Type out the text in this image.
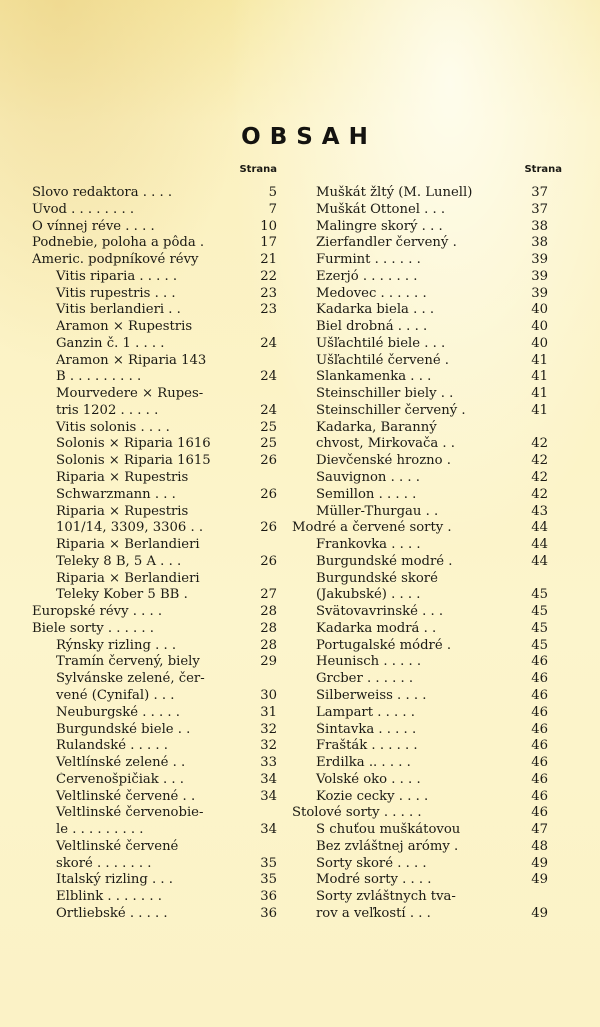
OBSAH
Strana
Slovo redaktora . . . .	5
Úvod . . . . . . . .	7
O vínnej réve . . . .	10
Podnebie, poloha a pôda .	17
Americ. podpníkové révy	21
Vitis riparia . . . . .	22
Vitis rupestris . . .	23
Vitis berlandieri . .	23
Aramon × Rupestris
Ganzin č. 1 . . . .	24
Aramon × Riparia 143
B . . . . . . . . .	24
Mourvedere × Rupes-
tris 1202 . . . . .	24
Vitis solonis . . . .	25
Solonis × Riparia 1616	25
Solonis × Riparia 1615	26
Riparia × Rupestris
Schwarzmann . . .	26
Riparia × Rupestris
101/14, 3309, 3306 . .	26
Riparia × Berlandieri
Teleky 8 B, 5 A . . .	26
Riparia × Berlandieri
Teleky Kober 5 BB .	27
Europské révy . . . .	28
Biele sorty . . . . . .	28
Rýnsky rizling . . .	28
Tramín červený, biely	29
Sylvánske zelené, čer-
vené (Cynifal) . . .	30
Neuburgské . . . . .	31
Burgundské biele . .	32
Rulandské . . . . .	32
Veltlínské zelené . .	33
Červenošpičiak . . .	34
Veltlinské červené . .	34
Veltlinské červenobie-
le . . . . . . . . .	34
Veltlinské červené
skoré . . . . . . .	35
Italský rizling . . .	35
Elblink . . . . . . .	36
Ortliebské . . . . .	36
Strana
Muškát žltý (M. Lunell)	37
Muškát Ottonel . . .	37
Malingre skorý . . .	38
Zierfandler červený .	38
Furmint . . . . . .	39
Ezerjó . . . . . . .	39
Medovec . . . . . .	39
Kadarka biela . . .	40
Biel drobná . . . .	40
Ušľachtilé biele . . .	40
Ušľachtilé červené .	41
Slankamenka . . .	41
Steinschiller biely . .	41
Steinschiller červený .	41
Kadarka, Baranný
chvost, Mirkovača . .	42
Dievčenské hrozno .	42
Sauvignon . . . .	42
Semillon . . . . .	42
Müller-Thurgau . .	43
Modré a červené sorty .	44
Frankovka . . . .	44
Burgundské modré .	44
Burgundské skoré
(Jakubské) . . . .	45
Svätovavrinské . . .	45
Kadarka modrá . .	45
Portugalské módré .	45
Heunisch . . . . .	46
Grcber . . . . . .	46
Silberweiss . . . .	46
Lampart . . . . .	46
Šintavka . . . . .	46
Frašták . . . . . .	46
Erdilka .. . . . .	46
Volské oko . . . .	46
Kozie cecky . . . .	46
Stolové sorty . . . . .	46
S chuťou muškátovou	47
Bez zvláštnej arómy .	48
Sorty skoré . . . .	49
Modré sorty . . . .	49
Sorty zvláštnych tva-
rov a veľkostí . . .	49
